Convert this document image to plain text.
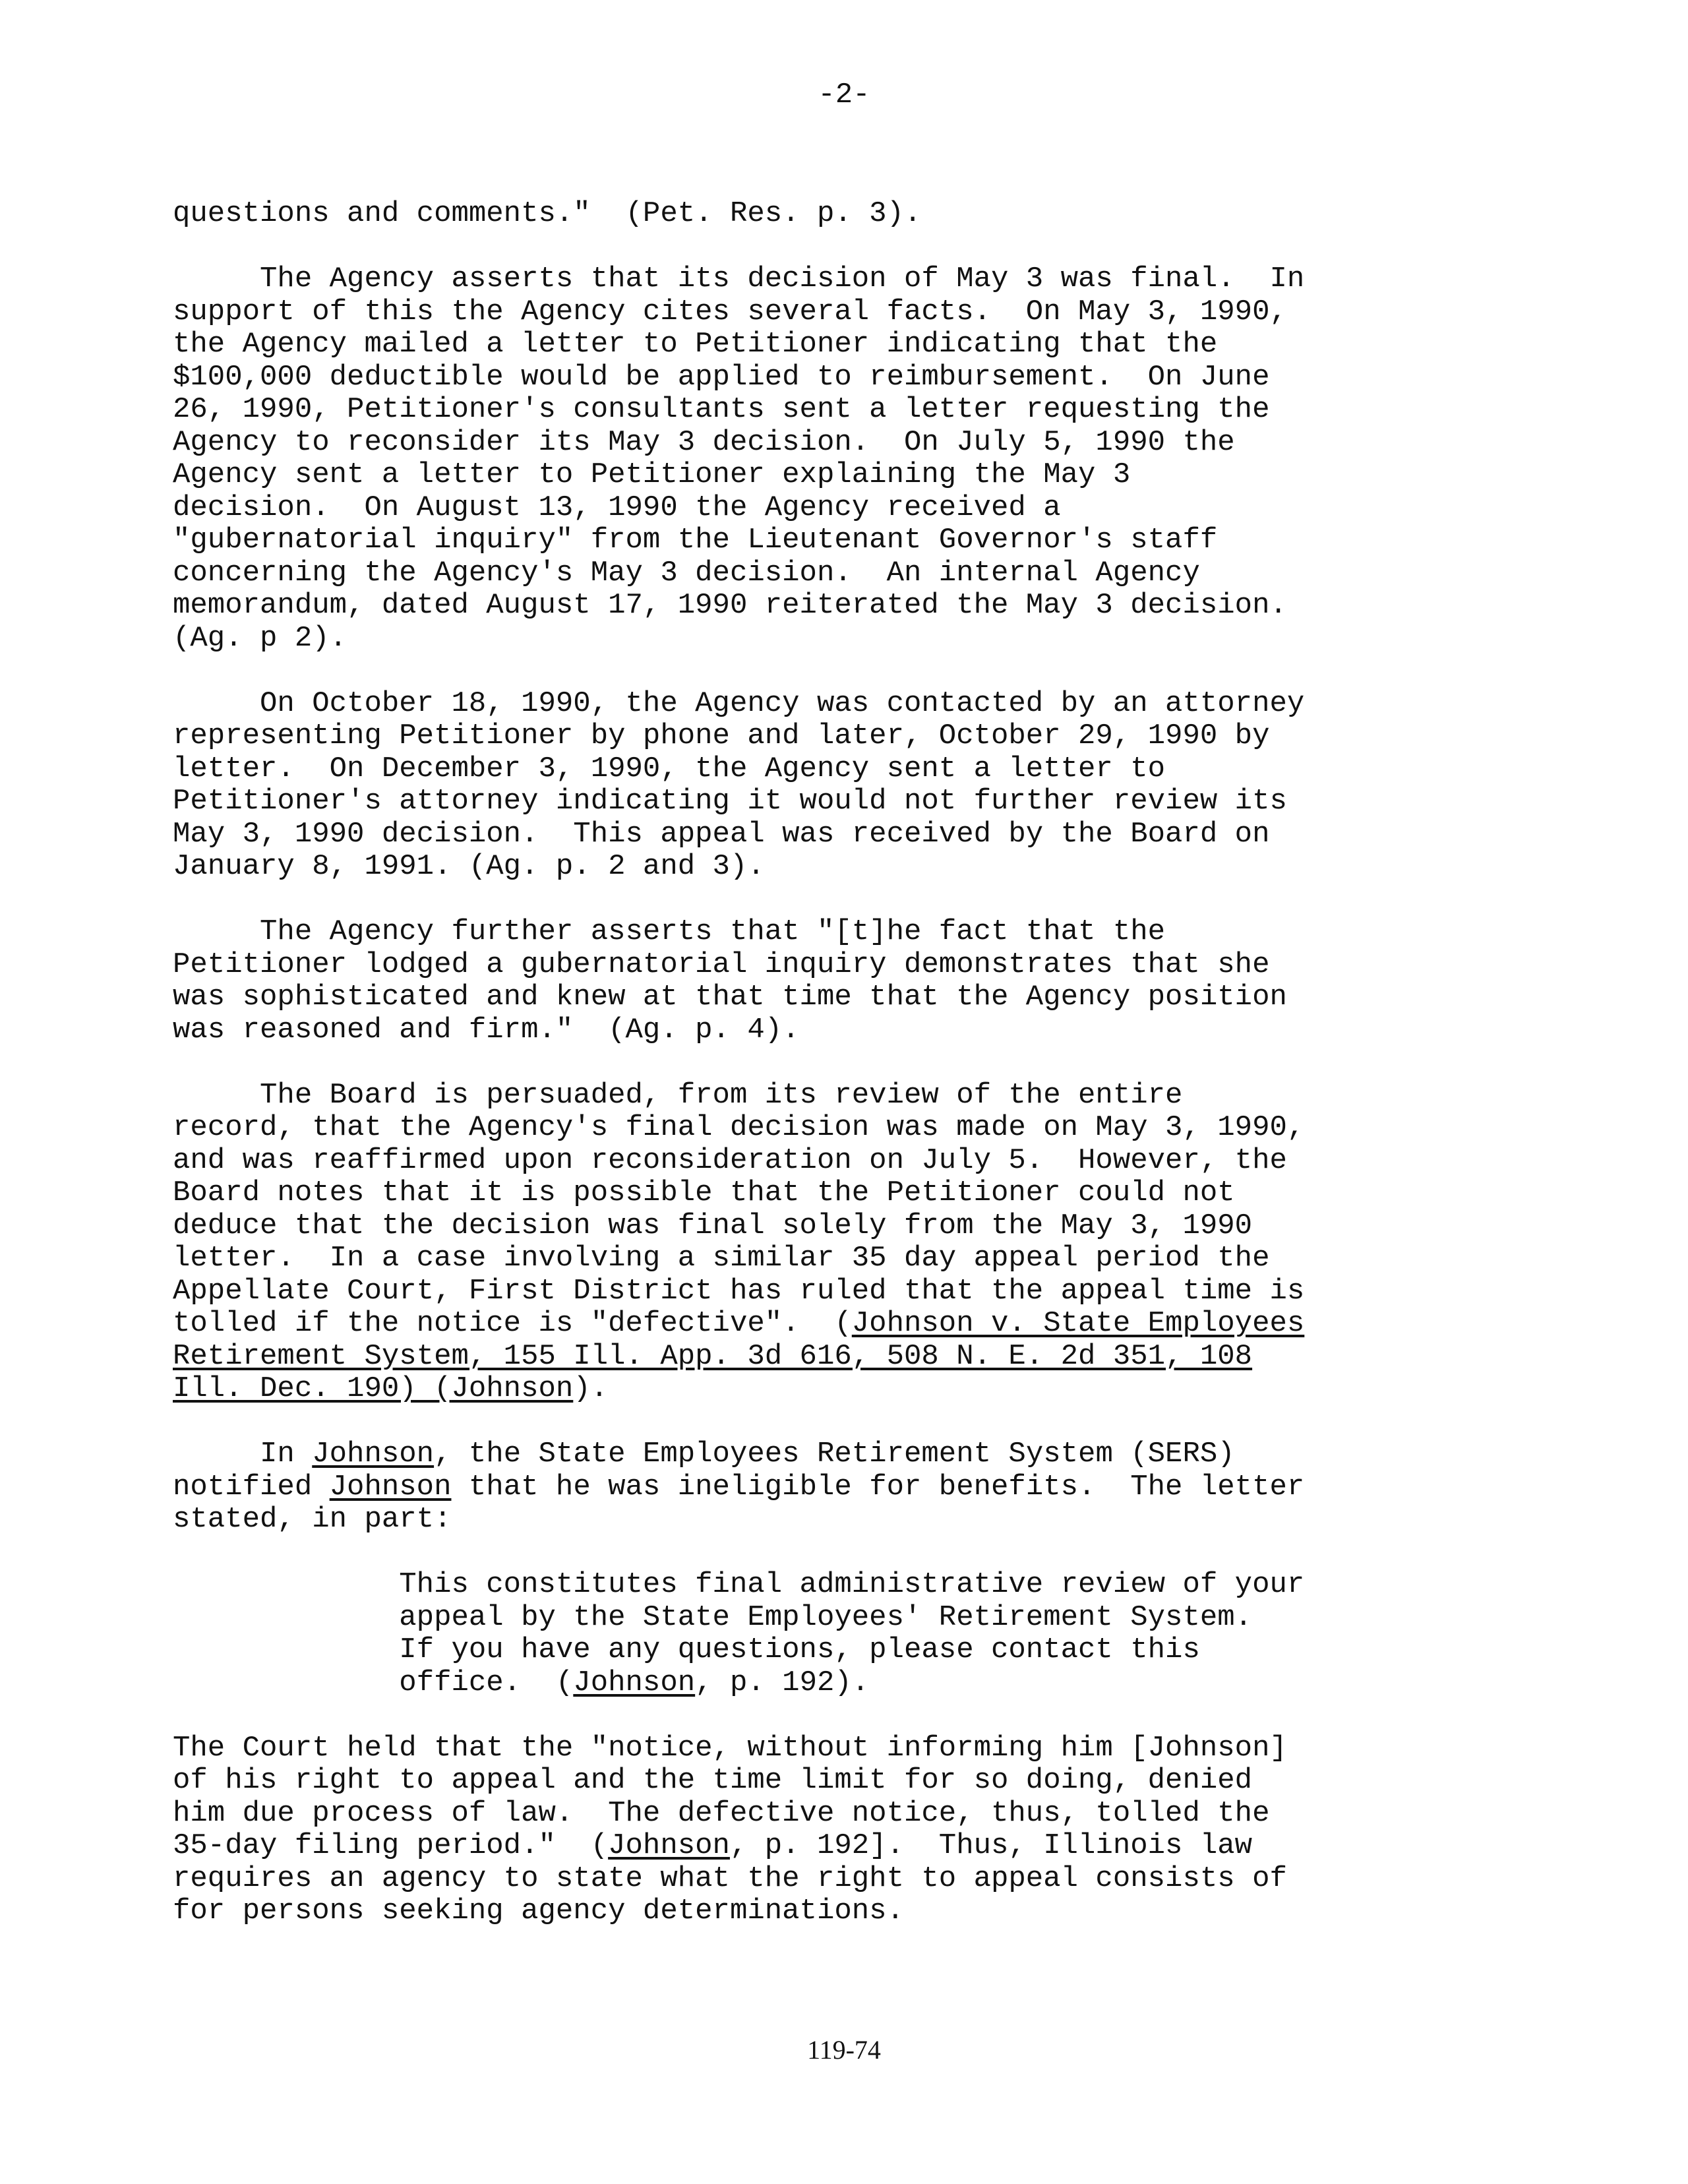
-2-
questions and comments."  (Pet. Res. p. 3).
The Agency asserts that its decision of May 3 was final.  In
support of this the Agency cites several facts.  On May 3, 1990,
the Agency mailed a letter to Petitioner indicating that the
$100,000 deductible would be applied to reimbursement.  On June
26, 1990, Petitioner's consultants sent a letter requesting the
Agency to reconsider its May 3 decision.  On July 5, 1990 the
Agency sent a letter to Petitioner explaining the May 3
decision.  On August 13, 1990 the Agency received a
"gubernatorial inquiry" from the Lieutenant Governor's staff
concerning the Agency's May 3 decision.  An internal Agency
memorandum, dated August 17, 1990 reiterated the May 3 decision.
(Ag. p 2).
On October 18, 1990, the Agency was contacted by an attorney
representing Petitioner by phone and later, October 29, 1990 by
letter.  On December 3, 1990, the Agency sent a letter to
Petitioner's attorney indicating it would not further review its
May 3, 1990 decision.  This appeal was received by the Board on
January 8, 1991. (Ag. p. 2 and 3).
The Agency further asserts that "[t]he fact that the
Petitioner lodged a gubernatorial inquiry demonstrates that she
was sophisticated and knew at that time that the Agency position
was reasoned and firm."  (Ag. p. 4).
The Board is persuaded, from its review of the entire
record, that the Agency's final decision was made on May 3, 1990,
and was reaffirmed upon reconsideration on July 5.  However, the
Board notes that it is possible that the Petitioner could not
deduce that the decision was final solely from the May 3, 1990
letter.  In a case involving a similar 35 day appeal period the
Appellate Court, First District has ruled that the appeal time is
tolled if the notice is "defective".  (Johnson v. State Employees
Retirement System, 155 Ill. App. 3d 616, 508 N. E. 2d 351, 108
Ill. Dec. 190) (Johnson).
In Johnson, the State Employees Retirement System (SERS)
notified Johnson that he was ineligible for benefits.  The letter
stated, in part:
This constitutes final administrative review of your
appeal by the State Employees' Retirement System.
If you have any questions, please contact this
office.  (Johnson, p. 192).
The Court held that the "notice, without informing him [Johnson]
of his right to appeal and the time limit for so doing, denied
him due process of law.  The defective notice, thus, tolled the
35-day filing period."  (Johnson, p. 192].  Thus, Illinois law
requires an agency to state what the right to appeal consists of
for persons seeking agency determinations.
119-74
